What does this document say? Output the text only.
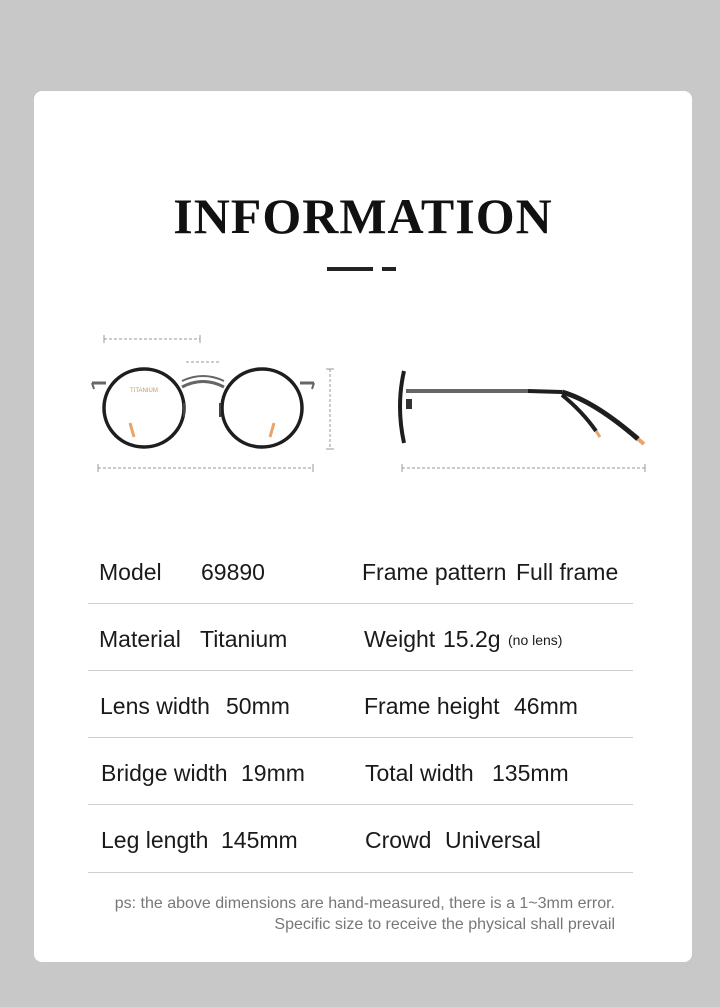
INFORMATION
TITANIUM
Model 69890	Frame pattern Full frame
Material Titanium	Weight 15.2g (no lens)
Lens width 50mm	Frame height 46mm
Bridge width 19mm	Total width 135mm
Leg length 145mm	Crowd Universal
ps: the above dimensions are hand-measured, there is a 1~3mm error.
Specific size to receive the physical shall prevail
